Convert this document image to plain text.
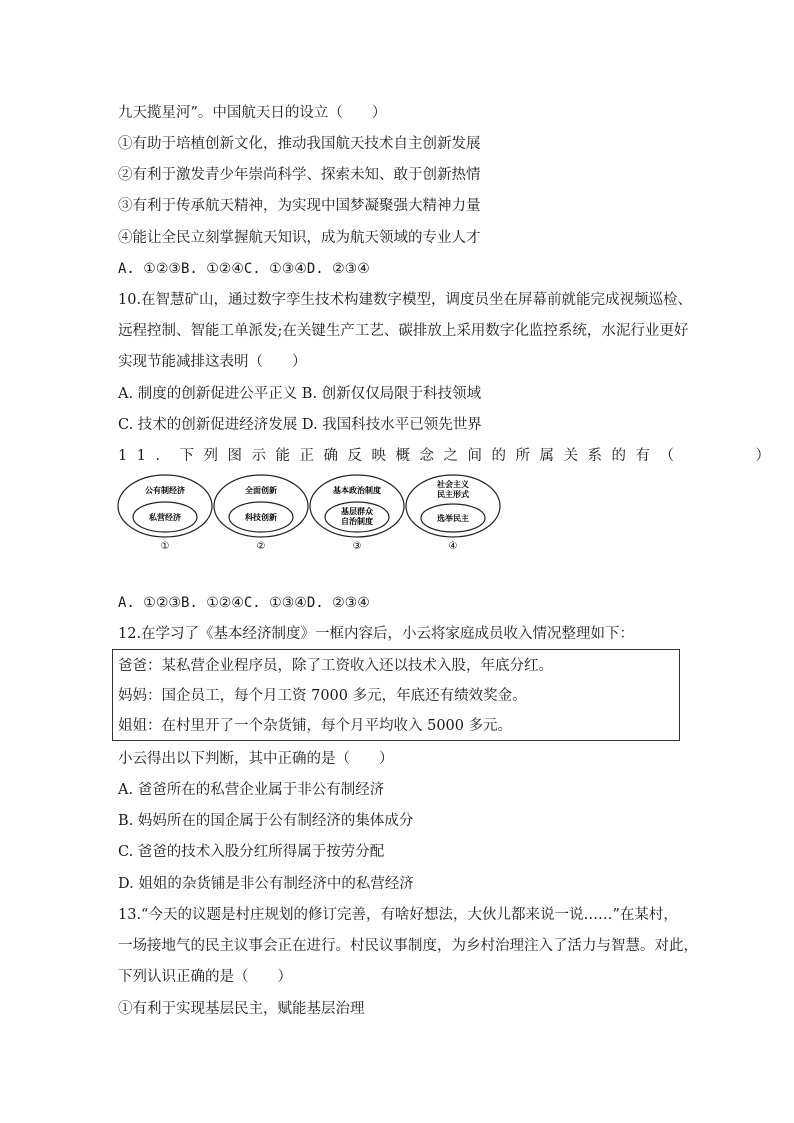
九天揽星河”。中国航天日的设立（　　）
①有助于培植创新文化，推动我国航天技术自主创新发展
②有利于激发青少年崇尚科学、探索未知、敢于创新热情
③有利于传承航天精神，为实现中国梦凝聚强大精神力量
④能让全民立刻掌握航天知识，成为航天领域的专业人才
A. ①②③B. ①②④C. ①③④D. ②③④
10.在智慧矿山，通过数字孪生技术构建数字模型，调度员坐在屏幕前就能完成视频巡检、
远程控制、智能工单派发;在关键生产工艺、碳排放上采用数字化监控系统，水泥行业更好
实现节能减排这表明（　　）
A. 制度的创新促进公平正义 B. 创新仅仅局限于科技领域
C. 技术的创新促进经济发展 D. 我国科技水平已领先世界
11．下列图示能正确反映概念之间的所属关系的有（　　　）
公有制经济
私营经济
①
全面创新
科技创新
②
基本政治制度
基层群众
自治制度
③
社会主义
民主形式
选举民主
④
A. ①②③B. ①②④C. ①③④D. ②③④
12.在学习了《基本经济制度》一框内容后，小云将家庭成员收入情况整理如下：
爸爸：某私营企业程序员，除了工资收入还以技术入股，年底分红。
妈妈：国企员工，每个月工资 7000 多元，年底还有绩效奖金。
姐姐：在村里开了一个杂货铺，每个月平均收入 5000 多元。
小云得出以下判断，其中正确的是（　　）
A. 爸爸所在的私营企业属于非公有制经济
B. 妈妈所在的国企属于公有制经济的集体成分
C. 爸爸的技术入股分红所得属于按劳分配
D. 姐姐的杂货铺是非公有制经济中的私营经济
13.“今天的议题是村庄规划的修订完善，有啥好想法，大伙儿都来说一说……”在某村，
一场接地气的民主议事会正在进行。村民议事制度，为乡村治理注入了活力与智慧。对此，
下列认识正确的是（　　）
①有利于实现基层民主，赋能基层治理
